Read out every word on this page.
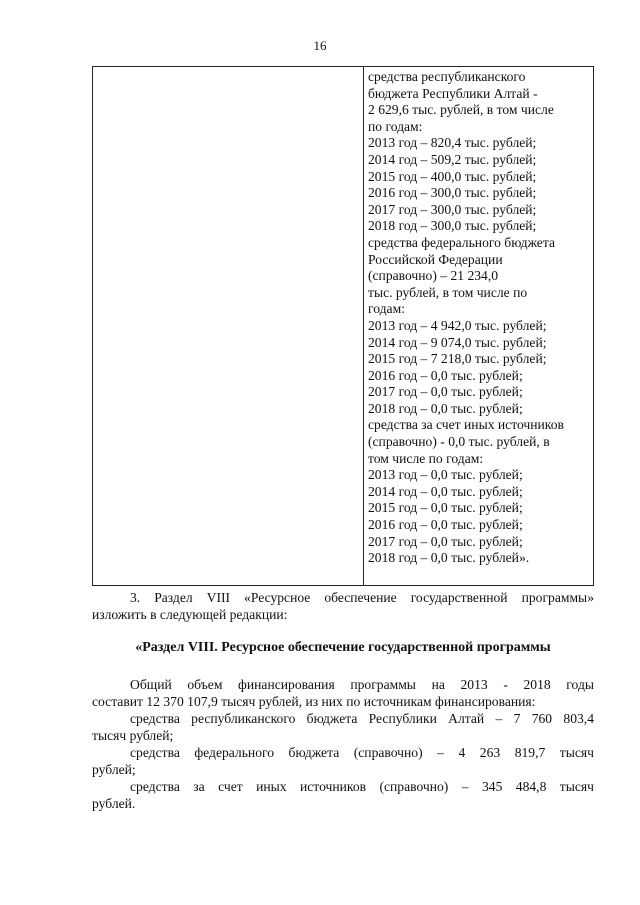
16
средства республиканского
бюджета Республики Алтай -
2 629,6 тыс. рублей, в том числе
по годам:
2013 год – 820,4 тыс. рублей;
2014 год – 509,2 тыс. рублей;
2015 год – 400,0 тыс. рублей;
2016 год – 300,0 тыс. рублей;
2017 год – 300,0 тыс. рублей;
2018 год – 300,0 тыс. рублей;
средства федерального бюджета
Российской Федерации
(справочно) – 21 234,0
тыс. рублей, в том числе по
годам:
2013 год – 4 942,0 тыс. рублей;
2014 год – 9 074,0 тыс. рублей;
2015 год – 7 218,0 тыс. рублей;
2016 год – 0,0 тыс. рублей;
2017 год – 0,0 тыс. рублей;
2018 год – 0,0 тыс. рублей;
средства за счет иных источников
(справочно) - 0,0 тыс. рублей, в
том числе по годам:
2013 год – 0,0 тыс. рублей;
2014 год – 0,0 тыс. рублей;
2015 год – 0,0 тыс. рублей;
2016 год – 0,0 тыс. рублей;
2017 год – 0,0 тыс. рублей;
2018 год – 0,0 тыс. рублей».
3. Раздел VIII «Ресурсное обеспечение государственной программы»
изложить в следующей редакции:
«Раздел VIII. Ресурсное обеспечение государственной программы
Общий объем финансирования программы на 2013 - 2018 годы
составит 12 370 107,9 тысяч рублей, из них по источникам финансирования:
средства республиканского бюджета Республики Алтай – 7 760 803,4
тысяч рублей;
средства федерального бюджета (справочно) – 4 263 819,7 тысяч
рублей;
средства за счет иных источников (справочно) – 345 484,8 тысяч
рублей.
